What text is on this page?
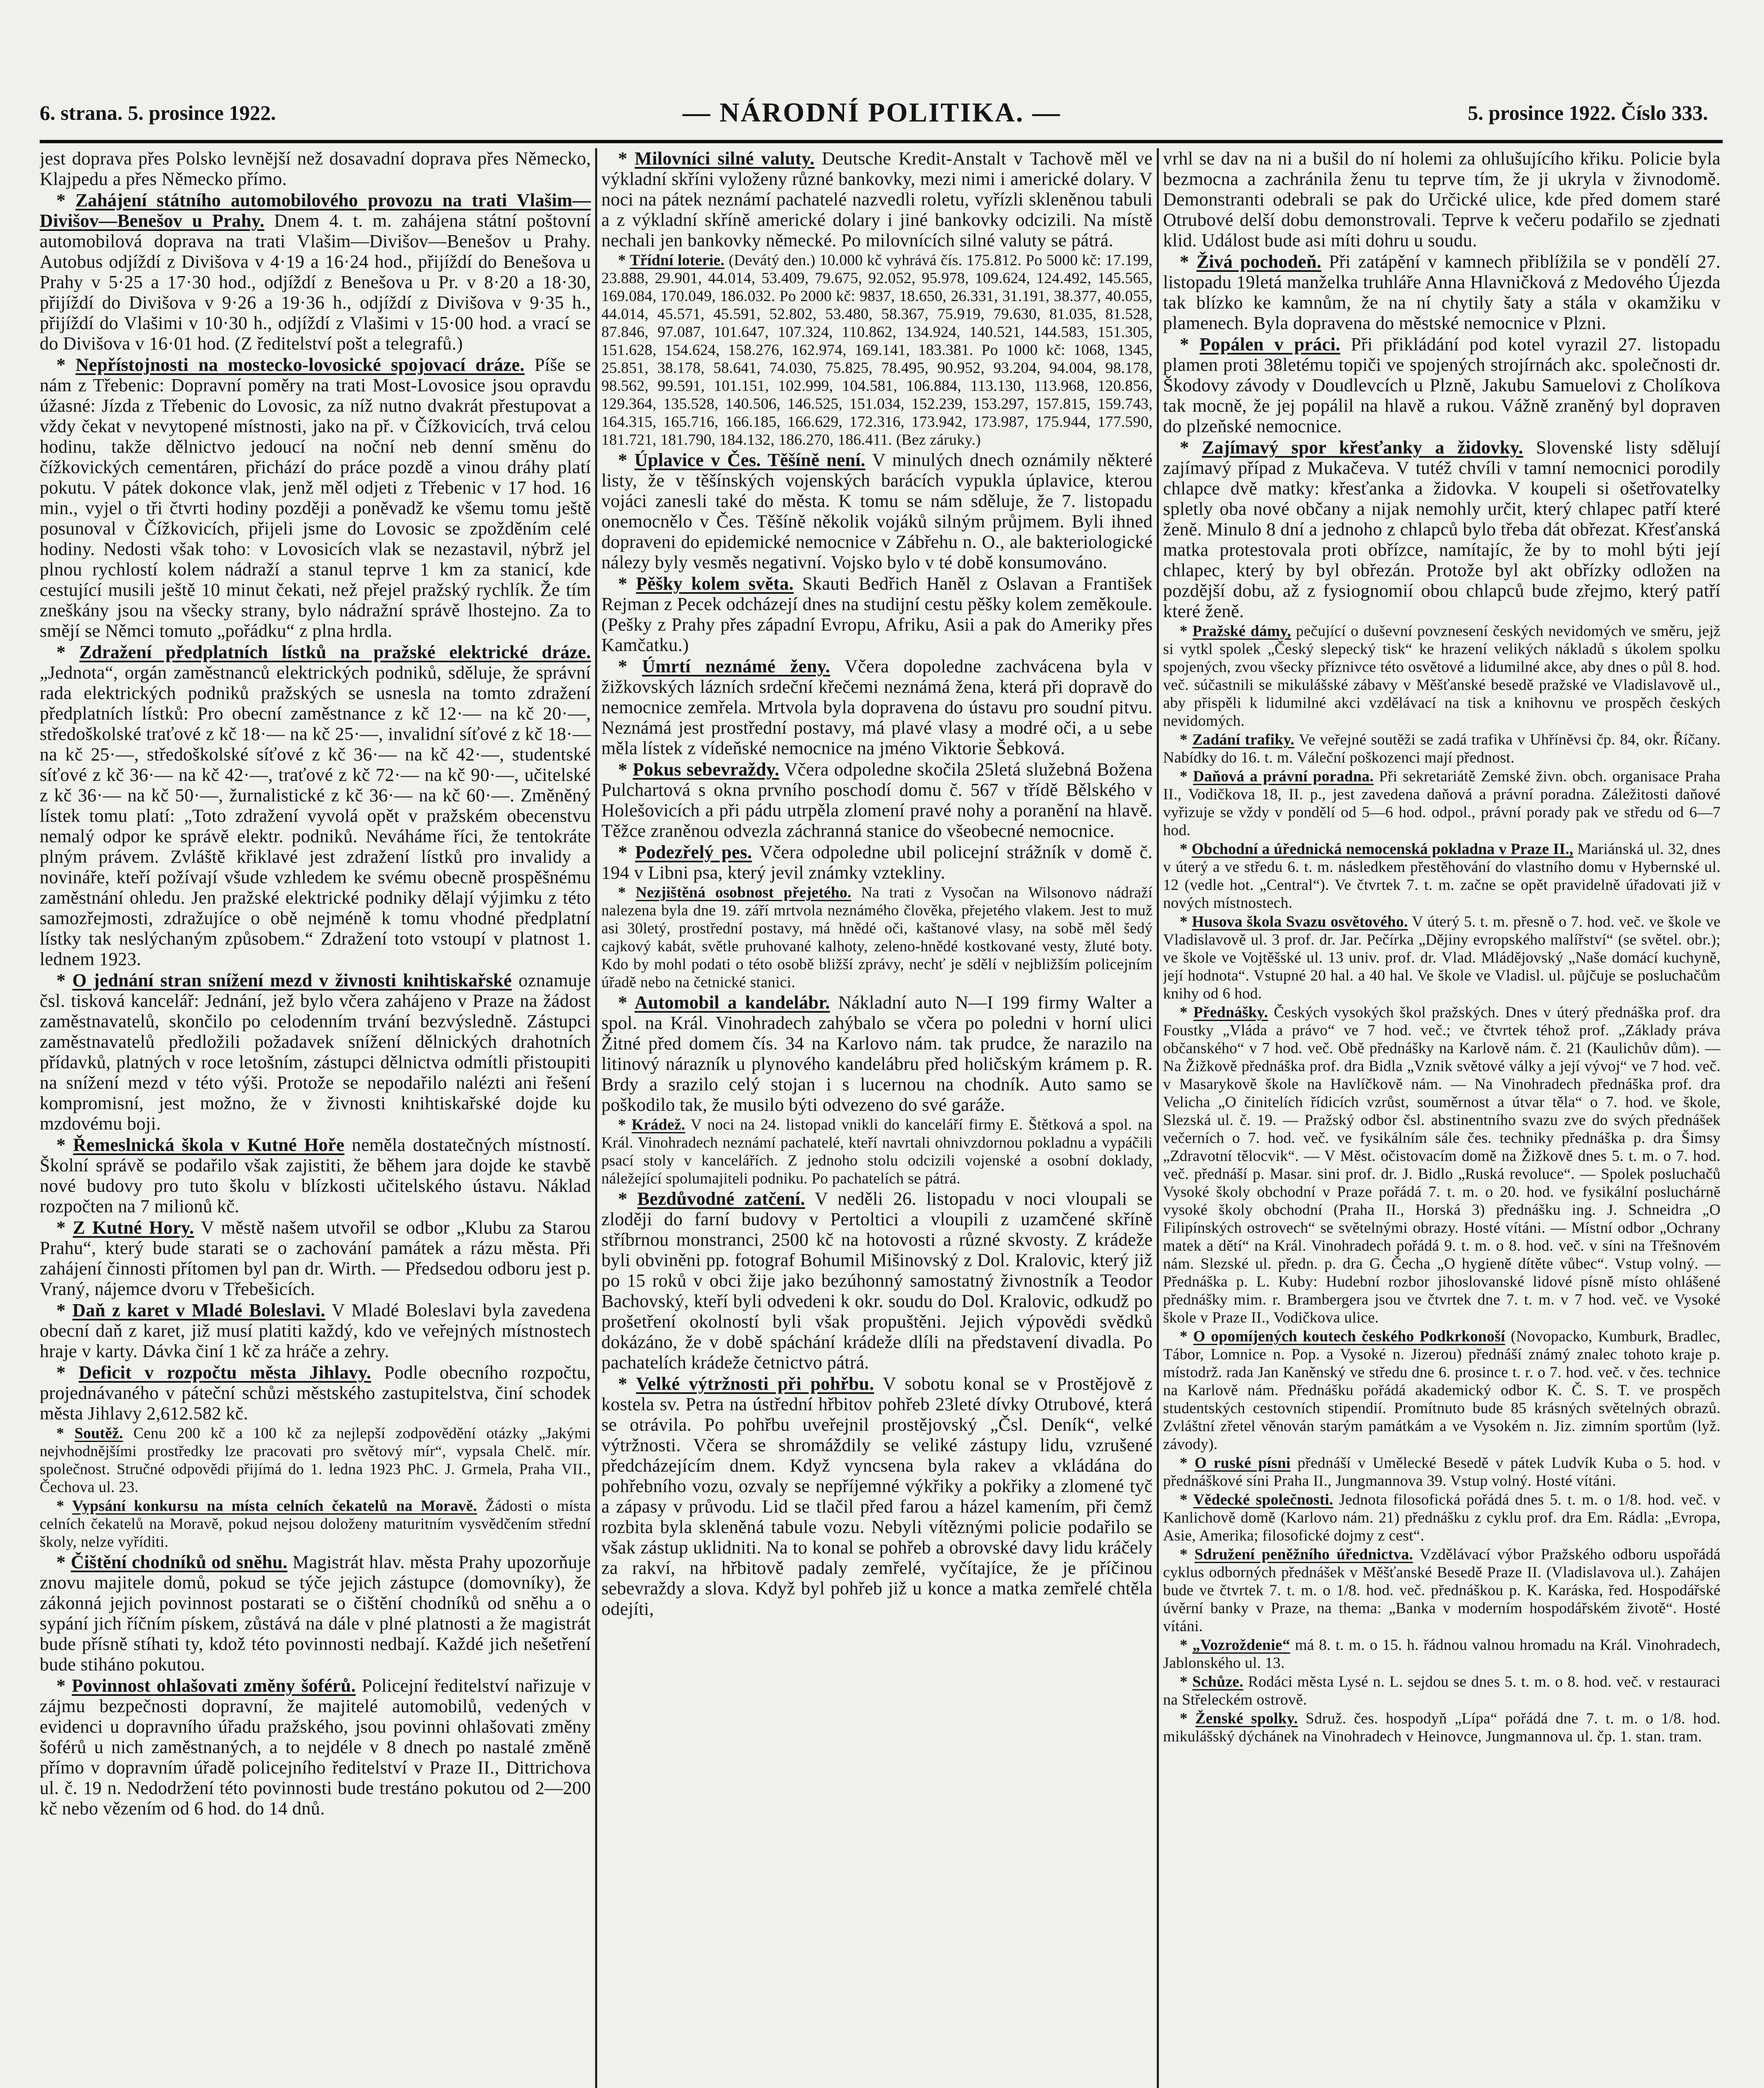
6. strana. 5. prosince 1922.	— NÁRODNÍ POLITIKA. —	5. prosince 1922. Číslo 333.

jest doprava přes Polsko levnější než dosavadní doprava přes Německo, Klajpedu a přes Německo přímo.

* Zahájení státního automobilového provozu na trati Vlašim—Divišov—Benešov u Prahy. Dnem 4. t. m. zahájena státní poštovní automobilová doprava na trati Vlašim—Divišov—Benešov u Prahy. Autobus odjíždí z Divišova v 4·19 a 16·24 hod., přijíždí do Benešova u Prahy v 5·25 a 17·30 hod., odjíždí z Benešova u Pr. v 8·20 a 18·30, přijíždí do Divišova v 9·26 a 19·36 h., odjíždí z Divišova v 9·35 h., přijíždí do Vlašimi v 10·30 h., odjíždí z Vlašimi v 15·00 hod. a vrací se do Divišova v 16·01 hod. (Z ředitelství pošt a telegrafů.)

* Nepřístojnosti na mostecko-lovosické spojovací dráze. Píše se nám z Třebenic: Dopravní poměry na trati Most-Lovosice jsou opravdu úžasné: Jízda z Třebenic do Lovosic, za níž nutno dvakrát přestupovat a vždy čekat v nevytopené místnosti, jako na př. v Čížkovicích, trvá celou hodinu, takže dělnictvo jedoucí na noční neb denní směnu do čížkovických cementáren, přichází do práce pozdě a vinou dráhy platí pokutu. V pátek dokonce vlak, jenž měl odjeti z Třebenic v 17 hod. 16 min., vyjel o tři čtvrti hodiny později a poněvadž ke všemu tomu ještě posunoval v Čížkovicích, přijeli jsme do Lovosic se zpožděním celé hodiny. Nedosti však tohoː v Lovosicích vlak se nezastavil, nýbrž jel plnou rychlostí kolem nádraží a stanul teprve 1 km za stanicí, kde cestující musili ještě 10 minut čekati, než přejel pražský rychlík. Že tím zneškány jsou na všecky strany, bylo nádražní správě lhostejno. Za to smějí se Němci tomuto „pořádku“ z plna hrdla.

* Zdražení předplatních lístků na pražské elektrické dráze. „Jednota“, orgán zaměstnanců elektrických podniků, sděluje, že správní rada elektrických podniků pražských se usnesla na tomto zdražení předplatních lístků: Pro obecní zaměstnance z kč 12·— na kč 20·—, středoškolské traťové z kč 18·— na kč 25·—, invalidní síťové z kč 18·— na kč 25·—, středoškolské síťové z kč 36·— na kč 42·—, studentské síťové z kč 36·— na kč 42·—, traťové z kč 72·— na kč 90·—, učitelské z kč 36·— na kč 50·—, žurnalistické z kč 36·— na kč 60·—. Změněný lístek tomu platí: „Toto zdražení vyvolá opět v pražském obecenstvu nemalý odpor ke správě elektr. podniků. Neváháme říci, že tentokráte plným právem. Zvláště křiklavé jest zdražení lístků pro invalidy a novináře, kteří požívají všude vzhledem ke svému obecně prospěšnému zaměstnání ohledu. Jen pražské elektrické podniky dělají výjimku z této samozřejmosti, zdražujíce o obě nejméně k tomu vhodné předplatní lístky tak neslýchaným způsobem.“ Zdražení toto vstoupí v platnost 1. lednem 1923.

* O jednání stran snížení mezd v živnosti knihtiskařské oznamuje čsl. tisková kancelář: Jednání, jež bylo včera zahájeno v Praze na žádost zaměstnavatelů, skončilo po celodenním trvání bezvýsledně. Zástupci zaměstnavatelů předložili požadavek snížení dělnických drahotních přídavků, platných v roce letošním, zástupci dělnictva odmítli přistoupiti na snížení mezd v této výši. Protože se nepodařilo nalézti ani řešení kompromisní, jest možno, že v živnosti knihtiskařské dojde ku mzdovému boji.

* Řemeslnická škola v Kutné Hoře neměla dostatečných místností. Školní správě se podařilo však zajistiti, že během jara dojde ke stavbě nové budovy pro tuto školu v blízkosti učitelského ústavu. Náklad rozpočten na 7 milionů kč.

* Z Kutné Hory. V městě našem utvořil se odbor „Klubu za Starou Prahu“, který bude starati se o zachování památek a rázu města. Při zahájení činnosti přítomen byl pan dr. Wirth. — Předsedou odboru jest p. Vraný, nájemce dvoru v Třebešicích.

* Daň z karet v Mladé Boleslavi. V Mladé Boleslavi byla zavedena obecní daň z karet, již musí platiti každý, kdo ve veřejných místnostech hraje v karty. Dávka činí 1 kč za hráče a zehry.

* Deficit v rozpočtu města Jihlavy. Podle obecního rozpočtu, projednávaného v páteční schůzi městského zastupitelstva, činí schodek města Jihlavy 2,612.582 kč.

* Soutěž. Cenu 200 kč a 100 kč za nejlepší zodpovědění otázky „Jakými nejvhodnějšími prostředky lze pracovati pro světový mír“, vypsala Chelč. mír. společnost. Stručné odpovědi přijímá do 1. ledna 1923 PhC. J. Grmela, Praha VII., Čechova ul. 23.

* Vypsání konkursu na místa celních čekatelů na Moravě. Žádosti o místa celních čekatelů na Moravě, pokud nejsou doloženy maturitním vysvědčením střední školy, nelze vyříditi.

* Čištění chodníků od sněhu. Magistrát hlav. města Prahy upozorňuje znovu majitele domů, pokud se týče jejich zástupce (domovníky), že zákonná jejich povinnost postarati se o čištění chodníků od sněhu a o sypání jich říčním pískem, zůstává na dále v plné platnosti a že magistrát bude přísně stíhati ty, kdož této povinnosti nedbají. Každé jich nešetření bude stiháno pokutou.

* Povinnost ohlašovati změny šoférů. Policejní ředitelství nařizuje v zájmu bezpečnosti dopravní, že majitelé automobilů, vedených v evidenci u dopravního úřadu pražského, jsou povinni ohlašovati změny šoférů u nich zaměstnaných, a to nejdéle v 8 dnech po nastalé změně přímo v dopravním úřadě policejního ředitelství v Praze II., Dittrichova ul. č. 19 n. Nedodržení této povinnosti bude trestáno pokutou od 2—200 kč nebo vězením od 6 hod. do 14 dnů.

* Milovníci silné valuty. Deutsche Kredit-Anstalt v Tachově měl ve výkladní skříni vyloženy různé bankovky, mezi nimi i americké dolary. V noci na pátek neznámí pachatelé nazvedli roletu, vyřízli skleněnou tabuli a z výkladní skříně americké dolary i jiné bankovky odcizili. Na místě nechali jen bankovky německé. Po milovnících silné valuty se pátrá.

* Třídní loterie. (Devátý den.) 10.000 kč vyhrává čís. 175.812. Po 5000 kč: 17.199, 23.888, 29.901, 44.014, 53.409, 79.675, 92.052, 95.978, 109.624, 124.492, 145.565, 169.084, 170.049, 186.032. Po 2000 kč: 9837, 18.650, 26.331, 31.191, 38.377, 40.055, 44.014, 45.571, 45.591, 52.802, 53.480, 58.367, 75.919, 79.630, 81.035, 81.528, 87.846, 97.087, 101.647, 107.324, 110.862, 134.924, 140.521, 144.583, 151.305, 151.628, 154.624, 158.276, 162.974, 169.141, 183.381. Po 1000 kč: 1068, 1345, 25.851, 38.178, 58.641, 74.030, 75.825, 78.495, 90.952, 93.204, 94.004, 98.178, 98.562, 99.591, 101.151, 102.999, 104.581, 106.884, 113.130, 113.968, 120.856, 129.364, 135.528, 140.506, 146.525, 151.034, 152.239, 153.297, 157.815, 159.743, 164.315, 165.716, 166.185, 166.629, 172.316, 173.942, 173.987, 175.944, 177.590, 181.721, 181.790, 184.132, 186.270, 186.411. (Bez záruky.)

* Úplavice v Čes. Těšíně není. V minulých dnech oznámily některé listy, že v těšínských vojenských barácích vypukla úplavice, kterou vojáci zanesli také do města. K tomu se nám sděluje, že 7. listopadu onemocnělo v Čes. Těšíně několik vojáků silným průjmem. Byli ihned dopraveni do epidemické nemocnice v Zábřehu n. O., ale bakteriologické nálezy byly vesměs negativní. Vojsko bylo v té době konsumováno.

* Pěšky kolem světa. Skauti Bedřich Haněl z Oslavan a František Rejman z Pecek odcházejí dnes na studijní cestu pěšky kolem zeměkoule. (Pešky z Prahy přes západní Evropu, Afriku, Asii a pak do Ameriky přes Kamčatku.)

* Úmrtí neznámé ženy. Včera dopoledne zachvácena byla v žižkovských lázních srdeční křečemi neznámá žena, která při dopravě do nemocnice zemřela. Mrtvola byla dopravena do ústavu pro soudní pitvu. Neznámá jest prostřední postavy, má plavé vlasy a modré oči, a u sebe měla lístek z vídeňské nemocnice na jméno Viktorie Šebková.

* Pokus sebevraždy. Včera odpoledne skočila 25letá služebná Božena Pulchartová s okna prvního poschodí domu č. 567 v třídě Bělského v Holešovicích a při pádu utrpěla zlomení pravé nohy a poranění na hlavě. Těžce zraněnou odvezla záchranná stanice do všeobecné nemocnice.

* Podezřelý pes. Včera odpoledne ubil policejní strážník v domě č. 194 v Libni psa, který jevil známky vztekliny.

* Nezjištěná osobnost přejetého. Na trati z Vysočan na Wilsonovo nádraží nalezena byla dne 19. září mrtvola neznámého člověka, přejetého vlakem. Jest to muž asi 30letý, prostřední postavy, má hnědé oči, kaštanové vlasy, na sobě měl šedý cajkový kabát, světle pruhované kalhoty, zeleno-hnědé kostkované vesty, žluté boty. Kdo by mohl podati o této osobě bližší zprávy, nechť je sdělí v nejbližším policejním úřadě nebo na četnické stanici.

* Automobil a kandelábr. Nákladní auto N—I 199 firmy Walter a spol. na Král. Vinohradech zahýbalo se včera po poledni v horní ulici Žitné před domem čís. 34 na Karlovo nám. tak prudce, že narazilo na litinový nárazník u plynového kandelábru před holičským krámem p. R. Brdy a srazilo celý stojan i s lucernou na chodník. Auto samo se poškodilo tak, že musilo býti odvezeno do své garáže.

* Krádež. V noci na 24. listopad vnikli do kanceláří firmy E. Štětková a spol. na Král. Vinohradech neznámí pachatelé, kteří navrtali ohnivzdornou pokladnu a vypáčili psací stoly v kancelářích. Z jednoho stolu odcizili vojenské a osobní doklady, náležející spolumajiteli podniku. Po pachatelích se pátrá.

* Bezdůvodné zatčení. V neděli 26. listopadu v noci vloupali se zloději do farní budovy v Pertoltici a vloupili z uzamčené skříně stříbrnou monstranci, 2500 kč na hotovosti a různé skvosty. Z krádeže byli obviněni pp. fotograf Bohumil Mišinovský z Dol. Kralovic, který již po 15 roků v obci žije jako bezúhonný samostatný živnostník a Teodor Bachovský, kteří byli odvedeni k okr. soudu do Dol. Kralovic, odkudž po prošetření okolností byli však propuštěni. Jejich výpovědi svědků dokázáno, že v době spáchání krádeže dlíli na představení divadla. Po pachatelích krádeže četnictvo pátrá.

* Velké výtržnosti při pohřbu. V sobotu konal se v Prostějově z kostela sv. Petra na ústřední hřbitov pohřeb 23leté dívky Otrubové, která se otrávila. Po pohřbu uveřejnil prostějovský „Čsl. Deník“, velké výtržnosti. Včera se shromáždily se veliké zástupy lidu, vzrušené předcházejícím dnem. Když vyncsena byla rakev a vkládána do pohřebního vozu, ozvaly se nepříjemné výkřiky a pokřiky a zlomené tyč a zápasy v průvodu. Lid se tlačil před farou a házel kamením, při čemž rozbita byla skleněná tabule vozu. Nebyli vítěznými policie podařilo se však zástup uklidniti. Na to konal se pohřeb a obrovské davy lidu kráčely za rakví, na hřbitově padaly zemřelé, vyčítajíce, že je příčinou sebevraždy a slova. Když byl pohřeb již u konce a matka zemřelé chtěla odejíti,

vrhl se dav na ni a bušil do ní holemi za ohlušujícího křiku. Policie byla bezmocna a zachránila ženu tu teprve tím, že ji ukryla v živnodomě. Demonstranti odebrali se pak do Určické ulice, kde před domem staré Otrubové delší dobu demonstrovali. Teprve k večeru podařilo se zjednati klid. Událost bude asi míti dohru u soudu.

* Živá pochodeň. Při zatápění v kamnech přiblížila se v pondělí 27. listopadu 19letá manželka truhláře Anna Hlavničková z Medového Újezda tak blízko ke kamnům, že na ní chytily šaty a stála v okamžiku v plamenech. Byla dopravena do městské nemocnice v Plzni.

* Popálen v práci. Při přikládání pod kotel vyrazil 27. listopadu plamen proti 38letému topiči ve spojených strojírnách akc. společnosti dr. Škodovy závody v Doudlevcích u Plzně, Jakubu Samuelovi z Cholíkova tak mocně, že jej popálil na hlavě a rukou. Vážně zraněný byl dopraven do plzeňské nemocnice.

* Zajímavý spor křesťanky a židovky. Slovenské listy sdělují zajímavý případ z Mukačeva. V tutéž chvíli v tamní nemocnici porodily chlapce dvě matky: křesťanka a židovka. V koupeli si ošetřovatelky spletly oba nové občany a nijak nemohly určit, který chlapec patří které ženě. Minulo 8 dní a jednoho z chlapců bylo třeba dát obřezat. Křesťanská matka protestovala proti obřízce, namítajíc, že by to mohl býti její chlapec, který by byl obřezán. Protože byl akt obřízky odložen na pozdější dobu, až z fysiognomií obou chlapců bude zřejmo, který patří které ženě.

* Pražské dámy, pečující o duševní povznesení českých nevidomých ve směru, jejž si vytkl spolek „Český slepecký tisk“ ke hrazení velikých nákladů s úkolem spolku spojených, zvou všecky příznivce této osvětové a lidumilné akce, aby dnes o půl 8. hod. več. súčastnili se mikulášské zábavy v Měšťanské besedě pražské ve Vladislavově ul., aby přispěli k lidumilné akci vzdělávací na tisk a knihovnu ve prospěch českých nevidomých.

* Zadání trafiky. Ve veřejné soutěži se zadá trafika v Uhříněvsi čp. 84, okr. Říčany. Nabídky do 16. t. m. Váleční poškozenci mají přednost.

* Daňová a právní poradna. Při sekretariátě Zemské živn. obch. organisace Praha II., Vodičkova 18, II. p., jest zavedena daňová a právní poradna. Záležitosti daňové vyřizuje se vždy v pondělí od 5—6 hod. odpol., právní porady pak ve středu od 6—7 hod.

* Obchodní a úřednická nemocenská pokladna v Praze II., Mariánská ul. 32, dnes v úterý a ve středu 6. t. m. následkem přestěhování do vlastního domu v Hybernské ul. 12 (vedle hot. „Central“). Ve čtvrtek 7. t. m. začne se opět pravidelně úřadovati již v nových místnostech.

* Husova škola Svazu osvětového. V úterý 5. t. m. přesně o 7. hod. več. ve škole ve Vladislavově ul. 3 prof. dr. Jar. Pečírka „Dějiny evropského malířství“ (se světel. obr.); ve škole ve Vojtěšské ul. 13 univ. prof. dr. Vlad. Mládějovský „Naše domácí kuchyně, její hodnota“. Vstupné 20 hal. a 40 hal. Ve škole ve Vladisl. ul. půjčuje se posluchačům knihy od 6 hod.

* Přednášky. Českých vysokých škol pražských. Dnes v úterý přednáška prof. dra Foustky „Vláda a právo“ ve 7 hod. več.; ve čtvrtek téhož prof. „Základy práva občanského“ v 7 hod. več. Obě přednášky na Karlově nám. č. 21 (Kaulichův dům). — Na Žižkově přednáška prof. dra Bidla „Vznik světové války a její vývoj“ ve 7 hod. več. v Masarykově škole na Havlíčkově nám. — Na Vinohradech přednáška prof. dra Velicha „O činitelích řídicích vzrůst, souměrnost a útvar těla“ o 7. hod. ve škole, Slezská ul. č. 19. — Pražský odbor čsl. abstinentního svazu zve do svých přednášek večerních o 7. hod. več. ve fysikálním sále čes. techniky přednáška p. dra Šimsy „Zdravotní tělocvik“. — V Měst. očistovacím domě na Žižkově dnes 5. t. m. o 7. hod. več. přednáší p. Masar. sini prof. dr. J. Bidlo „Ruská revoluce“. — Spolek posluchačů Vysoké školy obchodní v Praze pořádá 7. t. m. o 20. hod. ve fysikální posluchárně vysoké školy obchodní (Praha II., Horská 3) přednášku ing. J. Schneidra „O Filipínských ostrovech“ se světelnými obrazy. Hosté vítáni. — Místní odbor „Ochrany matek a dětí“ na Král. Vinohradech pořádá 9. t. m. o 8. hod. več. v síni na Třešnovém nám. Slezské ul. předn. p. dra G. Čecha „O hygieně dítěte vůbec“. Vstup volný. — Přednáška p. L. Kuby: Hudební rozbor jihoslovanské lidové písně místo ohlášené přednášky mim. r. Brambergera jsou ve čtvrtek dne 7. t. m. v 7 hod. več. ve Vysoké škole v Praze II., Vodičkova ulice.

* O opomíjených koutech českého Podkrkonoší (Novopacko, Kumburk, Bradlec, Tábor, Lomnice n. Pop. a Vysoké n. Jizerou) přednáší známý znalec tohoto kraje p. místodrž. rada Jan Kaněnský ve středu dne 6. prosince t. r. o 7. hod. več. v čes. technice na Karlově nám. Přednášku pořádá akademický odbor K. Č. S. T. ve prospěch studentských cestovních stipendií. Promítnuto bude 85 krásných světelných obrazů. Zvláštní zřetel věnován starým památkám a ve Vysokém n. Jiz. zimním sportům (lyž. závody).

* O ruské písni přednáší v Umělecké Besedě v pátek Ludvík Kuba o 5. hod. v přednáškové síni Praha II., Jungmannova 39. Vstup volný. Hosté vítáni.

* Vědecké společnosti. Jednota filosofická pořádá dnes 5. t. m. o 1/8. hod. več. v Kanlichově domě (Karlovo nám. 21) přednášku z cyklu prof. dra Em. Rádla: „Evropa, Asie, Amerika; filosofické dojmy z cest“.

* Sdružení peněžního úřednictva. Vzdělávací výbor Pražského odboru uspořádá cyklus odborných přednášek v Měšťanské Besedě Praze II. (Vladislavova ul.). Zahájen bude ve čtvrtek 7. t. m. o 1/8. hod. več. přednáškou p. K. Karáska, řed. Hospodářské úvěrní banky v Praze, na thema: „Banka v moderním hospodářském životě“. Hosté vítáni.

* „Vozroždenie“ má 8. t. m. o 15. h. řádnou valnou hromadu na Král. Vinohradech, Jablonského ul. 13.

* Schůze. Rodáci města Lysé n. L. sejdou se dnes 5. t. m. o 8. hod. več. v restauraci na Střeleckém ostrově.

* Ženské spolky. Sdruž. čes. hospodyň „Lípa“ pořádá dne 7. t. m. o 1/8. hod. mikulášský dýchánek na Vinohradech v Heinovce, Jungmannova ul. čp. 1. stan. tram.
